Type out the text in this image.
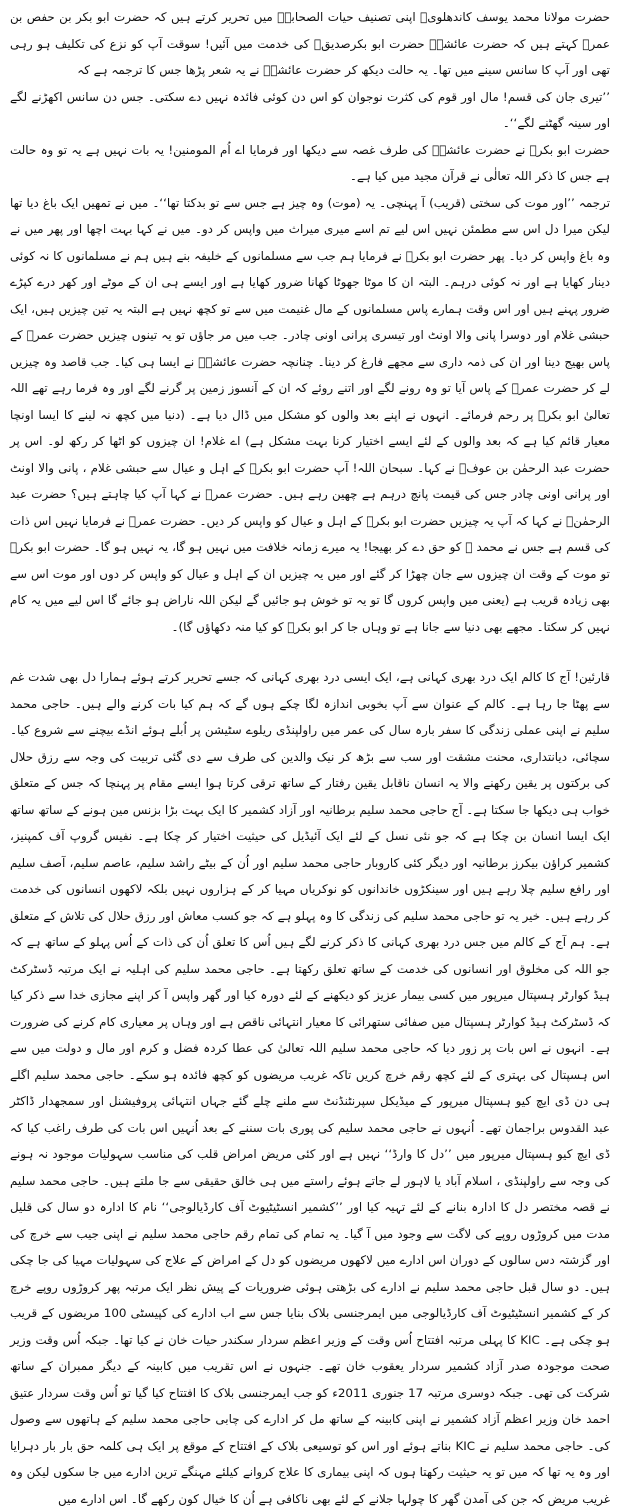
حضرت مولانا محمد یوسف کاندھلویؒ اپنی تصنیف حیات الصحابہؓ میں تحریر کرتے ہیں کہ حضرت ابو بکر بن حفص بن عمرؓ کہتے ہیں کہ حضرت عائشہؓ حضرت ابو بکرصدیقؓ کی خدمت میں آئیں! سوقت آپ کو نزع کی تکلیف ہو رہی تھی اور آپ کا سانس سینے میں تھا۔ یہ حالت دیکھ کر حضرت عائشہؓ نے یہ شعر پڑھا جس کا ترجمہ ہے کہ

’’تیری جان کی قسم! مال اور قوم کی کثرت نوجوان کو اس دن کوئی فائدہ نہیں دے سکتی۔ جس دن سانس اکھڑنے لگے اور سینہ گھٹنے لگے‘‘۔

حضرت ابو بکرؓ نے حضرت عائشہؓ کی طرف غصہ سے دیکھا اور فرمایا اے اُم المومنین! یہ بات نہیں ہے یہ تو وہ حالت ہے جس کا ذکر اللہ تعالٰی نے قرآن مجید میں کیا ہے۔

ترجمہ ’’اور موت کی سختی (قریب) آ پہنچی۔ یہ (موت) وہ چیز ہے جس سے تو بدکتا تھا‘‘۔ میں نے تمھیں ایک باغ دیا تھا لیکن میرا دل اس سے مطمئن نہیں اس لیے تم اسے میری میراث میں واپس کر دو۔ میں نے کہا بہت اچھا اور پھر میں نے وہ باغ واپس کر دیا۔ پھر حضرت ابو بکرؓ نے فرمایا ہم جب سے مسلمانوں کے خلیفہ بنے ہیں ہم نے مسلمانوں کا نہ کوئی دینار کھایا ہے اور نہ کوئی درہم۔ البتہ ان کا موٹا جھوٹا کھانا ضرور کھایا ہے اور ایسے ہی ان کے موٹے اور کھر درے کپڑے ضرور پہنے ہیں اور اس وقت ہمارے پاس مسلمانوں کے مال غنیمت میں سے تو کچھ نہیں ہے البتہ یہ تین چیزیں ہیں، ایک حبشی غلام اور دوسرا پانی والا اونٹ اور تیسری پرانی اونی چادر۔ جب میں مر جاؤں تو یہ تینوں چیزیں حضرت عمرؓ کے پاس بھیج دینا اور ان کی ذمہ داری سے مجھے فارغ کر دینا۔ چنانچہ حضرت عائشہؓ نے ایسا ہی کیا۔ جب قاصد وہ چیزیں لے کر حضرت عمرؓ کے پاس آیا تو وہ رونے لگے اور اتنے روئے کہ ان کے آنسوز زمین پر گرنے لگے اور وہ فرما رہے تھے اللہ تعالیٰ ابو بکرؓ پر رحم فرمائے۔ انہوں نے اپنے بعد والوں کو مشکل میں ڈال دیا ہے۔ (دنیا میں کچھ نہ لینے کا ایسا اونچا معیار قائم کیا ہے کہ بعد والوں کے لئے ایسے اختیار کرنا بہت مشکل ہے) اے غلام! ان چیزوں کو اٹھا کر رکھ لو۔ اس پر حضرت عبد الرحمٰن بن عوفؓ نے کہا۔ سبحان اللہ! آپ حضرت ابو بکرؓ کے اہل و عیال سے حبشی غلام ، پانی والا اونٹ اور پرانی اونی چادر جس کی قیمت پانچ درہم ہے چھین رہے ہیں۔ حضرت عمرؓ نے کہا آپ کیا چاہتے ہیں؟ حضرت عبد الرحمٰنؓ نے کہا کہ آپ یہ چیزیں حضرت ابو بکرؓ کے اہل و عیال کو واپس کر دیں۔ حضرت عمرؓ نے فرمایا نہیں اس ذات کی قسم ہے جس نے محمد ﷺ کو حق دے کر بھیجا! یہ میرے زمانہ خلافت میں نہیں ہو گا، یہ نہیں ہو گا۔ حضرت ابو بکرؓ تو موت کے وقت ان چیزوں سے جان چھڑا کر گئے اور میں یہ چیزیں ان کے اہل و عیال کو واپس کر دوں اور موت اس سے بھی زیادہ قریب ہے (یعنی میں واپس کروں گا تو یہ تو خوش ہو جائیں گے لیکن اللہ ناراض ہو جائے گا اس لیے میں یہ کام نہیں کر سکتا۔ مجھے بھی دنیا سے جانا ہے تو وہاں جا کر ابو بکرؓ کو کیا منہ دکھاؤں گا)۔

قارئین! آج کا کالم ایک درد بھری کہانی ہے، ایک ایسی درد بھری کہانی کہ جسے تحریر کرتے ہوئے ہمارا دل بھی شدت غم سے پھٹا جا رہا ہے۔ کالم کے عنوان سے آپ بخوبی اندازہ لگا چکے ہوں گے کہ ہم کیا بات کرنے والے ہیں۔ حاجی محمد سلیم نے اپنی عملی زندگی کا سفر بارہ سال کی عمر میں راولپنڈی ریلوے سٹیشن پر اُبلے ہوئے انڈے بیچنے سے شروع کیا۔ سچائی، دیانتداری، محنت مشقت اور سب سے بڑھ کر نیک والدین کی طرف سے دی گئی تربیت کی وجہ سے رزق حلال کی برکتوں پر یقین رکھنے والا یہ انسان ناقابل یقین رفتار کے ساتھ ترقی کرتا ہوا ایسے مقام پر پہنچا کہ جس کے متعلق خواب ہی دیکھا جا سکتا ہے۔ آج حاجی محمد سلیم برطانیہ اور آزاد کشمیر کا ایک بہت بڑا بزنس مین ہونے کے ساتھ ساتھ ایک ایسا انسان بن چکا ہے کہ جو نئی نسل کے لئے ایک آئیڈیل کی حیثیت اختیار کر چکا ہے۔ نفیس گروپ آف کمپنیز، کشمیر کراؤن بیکرز برطانیہ اور دیگر کئی کاروبار حاجی محمد سلیم اور اُن کے بیٹے راشد سلیم، عاصم سلیم، آصف سلیم اور رافع سلیم چلا رہے ہیں اور سینکڑوں خاندانوں کو نوکریاں مہیا کر کے ہزاروں نہیں بلکہ لاکھوں انسانوں کی خدمت کر رہے ہیں۔ خیر یہ تو حاجی محمد سلیم کی زندگی کا وہ پہلو ہے کہ جو کسب معاش اور رزق حلال کی تلاش کے متعلق ہے۔ ہم آج کے کالم میں جس درد بھری کہانی کا ذکر کرنے لگے ہیں اُس کا تعلق اُن کی ذات کے اُس پہلو کے ساتھ ہے کہ جو اللہ کی مخلوق اور انسانوں کی خدمت کے ساتھ تعلق رکھتا ہے۔ حاجی محمد سلیم کی اہلیہ نے ایک مرتبہ ڈسٹرکٹ ہیڈ کوارٹر ہسپتال میرپور میں کسی بیمار عزیز کو دیکھنے کے لئے دورہ کیا اور گھر واپس آ کر اپنے مجازی خدا سے ذکر کیا کہ ڈسٹرکٹ ہیڈ کوارٹر ہسپتال میں صفائی ستھرائی کا معیار انتہائی ناقص ہے اور وہاں پر معیاری کام کرنے کی ضرورت ہے۔ انہوں نے اس بات پر زور دیا کہ حاجی محمد سلیم اللہ تعالیٰ کی عطا کردہ فضل و کرم اور مال و دولت میں سے اس ہسپتال کی بہتری کے لئے کچھ رقم خرچ کریں تاکہ غریب مریضوں کو کچھ فائدہ ہو سکے۔ حاجی محمد سلیم اگلے ہی دن ڈی ایچ کیو ہسپتال میرپور کے میڈیکل سپرنٹنڈنٹ سے ملنے چلے گئے جہاں انتہائی پروفیشنل اور سمجھدار ڈاکٹر عبد القدوس براجمان تھے۔ اُنہوں نے حاجی محمد سلیم کی پوری بات سننے کے بعد اُنہیں اس بات کی طرف راغب کیا کہ ڈی ایچ کیو ہسپتال میرپور میں ’’دل کا وارڈ‘‘ نہیں ہے اور کئی مریض امراض قلب کی مناسب سہولیات موجود نہ ہونے کی وجہ سے راولپنڈی ، اسلام آباد یا لاہور لے جاتے ہوئے راستے میں ہی خالق حقیقی سے جا ملتے ہیں۔ حاجی محمد سلیم نے قصہ مختصر دل کا ادارہ بنانے کے لئے تہیہ کیا اور ’’کشمیر انسٹیٹیوٹ آف کارڈیالوجی‘‘ نام کا ادارہ دو سال کی قلیل مدت میں کروڑوں روپے کی لاگت سے وجود میں آ گیا۔ یہ تمام کی تمام رقم حاجی محمد سلیم نے اپنی جیب سے خرچ کی اور گزشتہ دس سالوں کے دوران اس ادارے میں لاکھوں مریضوں کو دل کے امراض کے علاج کی سہولیات مہیا کی جا چکی ہیں۔ دو سال قبل حاجی محمد سلیم نے ادارے کی بڑھتی ہوئی ضروریات کے پیش نظر ایک مرتبہ پھر کروڑوں روپے خرچ کر کے کشمیر انسٹیٹیوٹ آف کارڈیالوجی میں ایمرجنسی بلاک بنایا جس سے اب ادارے کی کپیسٹی 100 مریضوں کے قریب ہو چکی ہے۔ KIC کا پہلی مرتبہ افتتاح اُس وقت کے وزیر اعظم سردار سکندر حیات خان نے کیا تھا۔ جبکہ اُس وقت وزیر صحت موجودہ صدر آزاد کشمیر سردار یعقوب خان تھے۔ جنہوں نے اس تقریب میں کابینہ کے دیگر ممبران کے ساتھ شرکت کی تھی۔ جبکہ دوسری مرتبہ 17 جنوری 2011ء کو جب ایمرجنسی بلاک کا افتتاح کیا گیا تو اُس وقت سردار عتیق احمد خان وزیر اعظم آزاد کشمیر نے اپنی کابینہ کے ساتھ مل کر ادارے کی چابی حاجی محمد سلیم کے ہاتھوں سے وصول کی۔ حاجی محمد سلیم نے KIC بناتے ہوئے اور اس کو توسیعی بلاک کے افتتاح کے موقع پر ایک ہی کلمہ حق بار بار دہرایا اور وہ یہ تھا کہ میں تو یہ حیثیت رکھتا ہوں کہ اپنی بیماری کا علاج کروانے کیلئے مہنگے ترین ادارے میں جا سکوں لیکن وہ غریب مریض کہ جن کی آمدن گھر کا چولہا جلانے کے لئے بھی ناکافی ہے اُن کا خیال کون رکھے گا۔ اس ادارے میں
